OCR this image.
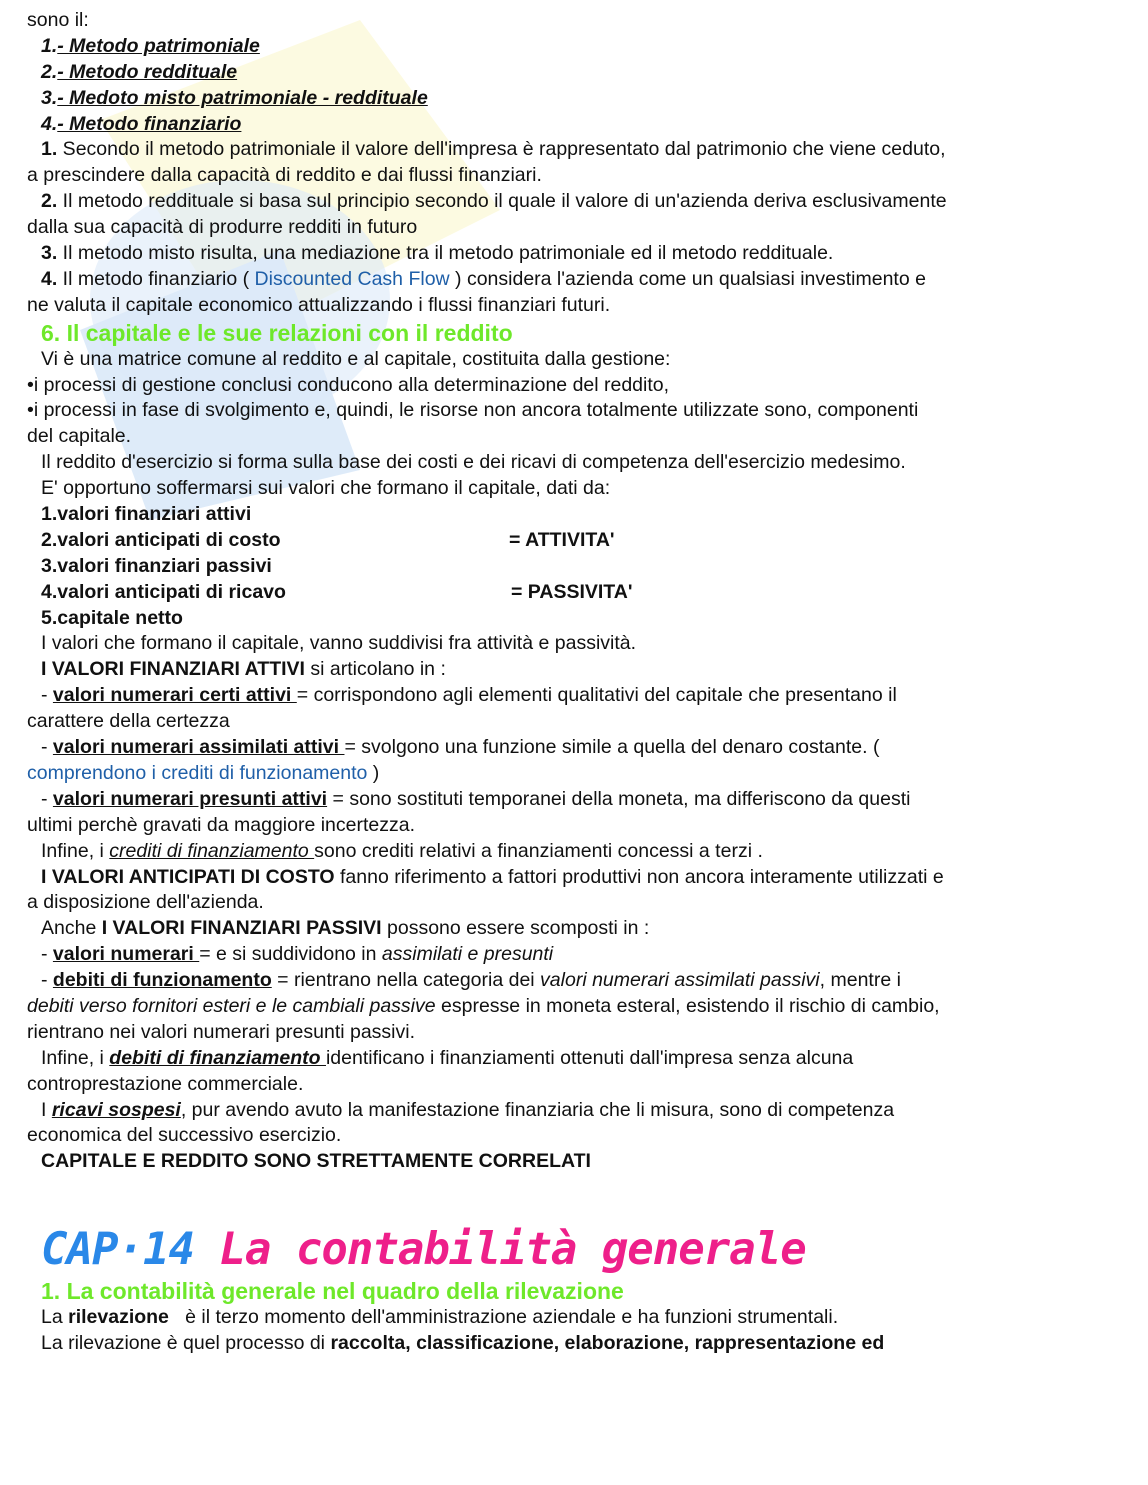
sono il:
1.- Metodo patrimoniale
2.- Metodo reddituale
3.- Medoto misto patrimoniale - reddituale
4.- Metodo finanziario
1. Secondo il metodo patrimoniale il valore dell'impresa è rappresentato dal patrimonio che viene ceduto,
a prescindere dalla capacità di reddito e dai flussi finanziari.
2. Il metodo reddituale si basa sul principio secondo il quale il valore di un'azienda deriva esclusivamente
dalla sua capacità di produrre redditi in futuro
3. Il metodo misto risulta, una mediazione tra il metodo patrimoniale ed il metodo reddituale.
4. Il metodo finanziario ( Discounted Cash Flow ) considera l'azienda come un qualsiasi investimento e
ne valuta il capitale economico attualizzando i flussi finanziari futuri.
6. Il capitale e le sue relazioni con il reddito
Vi è una matrice comune al reddito e al capitale, costituita dalla gestione:
•i processi di gestione conclusi conducono alla determinazione del reddito,
•i processi in fase di svolgimento e, quindi, le risorse non ancora totalmente utilizzate sono, componenti
del capitale.
Il reddito d'esercizio si forma sulla base dei costi e dei ricavi di competenza dell'esercizio medesimo.
E' opportuno soffermarsi sui valori che formano il capitale, dati da:
1.valori finanziari attivi
2.valori anticipati di costo	= ATTIVITA'
3.valori finanziari passivi
4.valori anticipati di ricavo	= PASSIVITA'
5.capitale netto
I valori che formano il capitale, vanno suddivisi fra attività e passività.
I VALORI FINANZIARI ATTIVI si articolano in :
- valori numerari certi attivi = corrispondono agli elementi qualitativi del capitale che presentano il
carattere della certezza
- valori numerari assimilati attivi = svolgono una funzione simile a quella del denaro costante. (
comprendono i crediti di funzionamento )
- valori numerari presunti attivi = sono sostituti temporanei della moneta, ma differiscono da questi
ultimi perchè gravati da maggiore incertezza.
Infine, i crediti di finanziamento sono crediti relativi a finanziamenti concessi a terzi .
I VALORI ANTICIPATI DI COSTO fanno riferimento a fattori produttivi non ancora interamente utilizzati e
a disposizione dell'azienda.
Anche I VALORI FINANZIARI PASSIVI possono essere scomposti in :
- valori numerari = e si suddividono in assimilati e presunti
- debiti di funzionamento = rientrano nella categoria dei valori numerari assimilati passivi, mentre i
debiti verso fornitori esteri e le cambiali passive espresse in moneta esteral, esistendo il rischio di cambio,
rientrano nei valori numerari presunti passivi.
Infine, i debiti di finanziamento identificano i finanziamenti ottenuti dall'impresa senza alcuna
controprestazione commerciale.
I ricavi sospesi, pur avendo avuto la manifestazione finanziaria che li misura, sono di competenza
economica del successivo esercizio.
CAPITALE E REDDITO SONO STRETTAMENTE CORRELATI
CAP·14 La contabilità generale
1. La contabilità generale nel quadro della rilevazione
La rilevazione   è il terzo momento dell'amministrazione aziendale e ha funzioni strumentali.
La rilevazione è quel processo di raccolta, classificazione, elaborazione, rappresentazione ed
